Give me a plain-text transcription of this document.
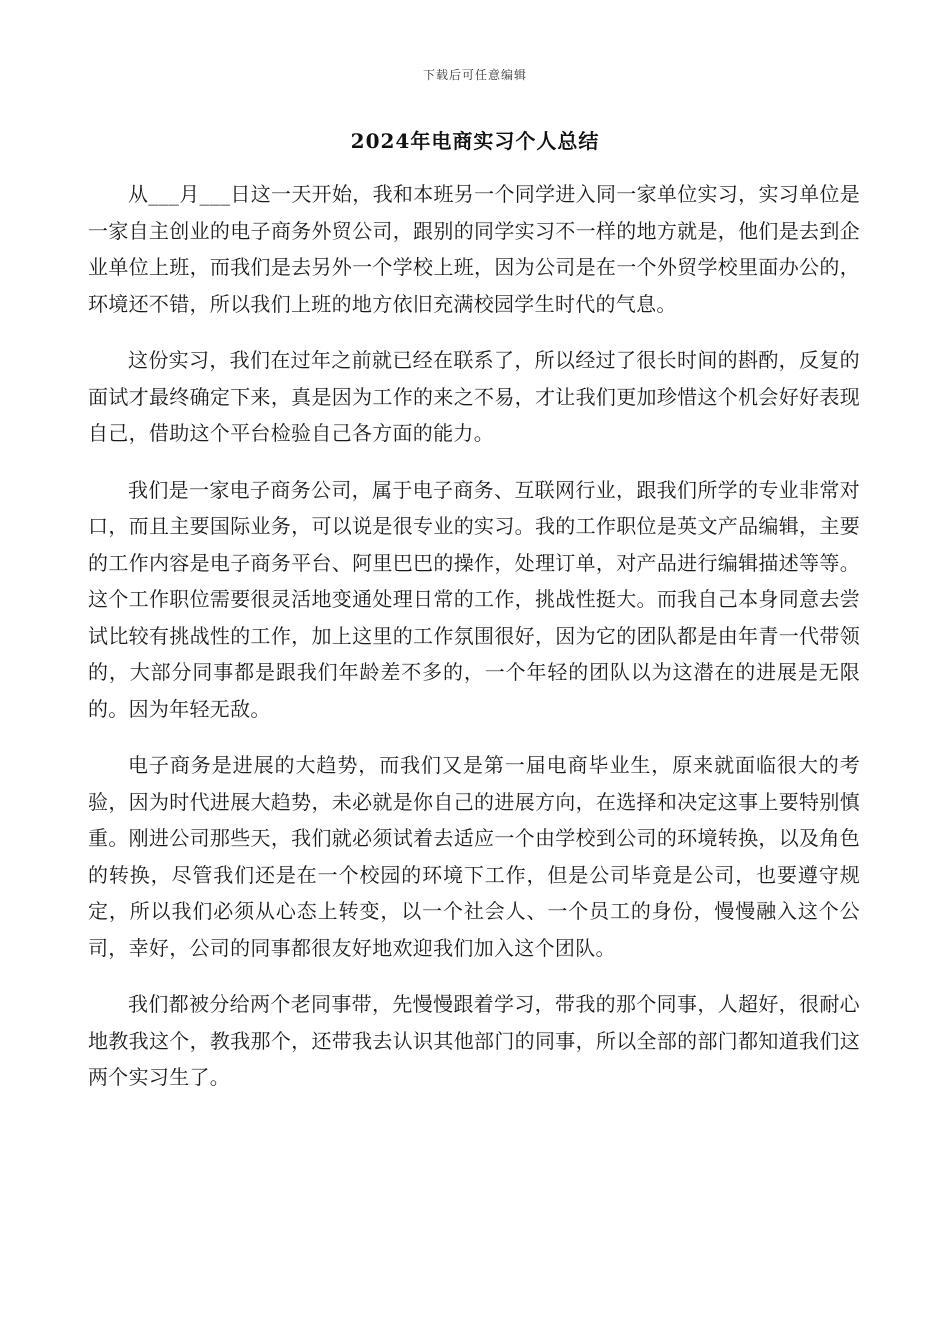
下载后可任意编辑
2024年电商实习个人总结

从___月___日这一天开始，我和本班另一个同学进入同一家单位实习，实习单位是一家自主创业的电子商务外贸公司，跟别的同学实习不一样的地方就是，他们是去到企业单位上班，而我们是去另外一个学校上班，因为公司是在一个外贸学校里面办公的，环境还不错，所以我们上班的地方依旧充满校园学生时代的气息。

这份实习，我们在过年之前就已经在联系了，所以经过了很长时间的斟酌，反复的面试才最终确定下来，真是因为工作的来之不易，才让我们更加珍惜这个机会好好表现自己，借助这个平台检验自己各方面的能力。

我们是一家电子商务公司，属于电子商务、互联网行业，跟我们所学的专业非常对口，而且主要国际业务，可以说是很专业的实习。我的工作职位是英文产品编辑，主要的工作内容是电子商务平台、阿里巴巴的操作，处理订单，对产品进行编辑描述等等。这个工作职位需要很灵活地变通处理日常的工作，挑战性挺大。而我自己本身同意去尝试比较有挑战性的工作，加上这里的工作氛围很好，因为它的团队都是由年青一代带领的，大部分同事都是跟我们年龄差不多的，一个年轻的团队以为这潜在的进展是无限的。因为年轻无敌。

电子商务是进展的大趋势，而我们又是第一届电商毕业生，原来就面临很大的考验，因为时代进展大趋势，未必就是你自己的进展方向，在选择和决定这事上要特别慎重。刚进公司那些天，我们就必须试着去适应一个由学校到公司的环境转换，以及角色的转换，尽管我们还是在一个校园的环境下工作，但是公司毕竟是公司，也要遵守规定，所以我们必须从心态上转变，以一个社会人、一个员工的身份，慢慢融入这个公司，幸好，公司的同事都很友好地欢迎我们加入这个团队。

我们都被分给两个老同事带，先慢慢跟着学习，带我的那个同事，人超好，很耐心地教我这个，教我那个，还带我去认识其他部门的同事，所以全部的部门都知道我们这两个实习生了。
